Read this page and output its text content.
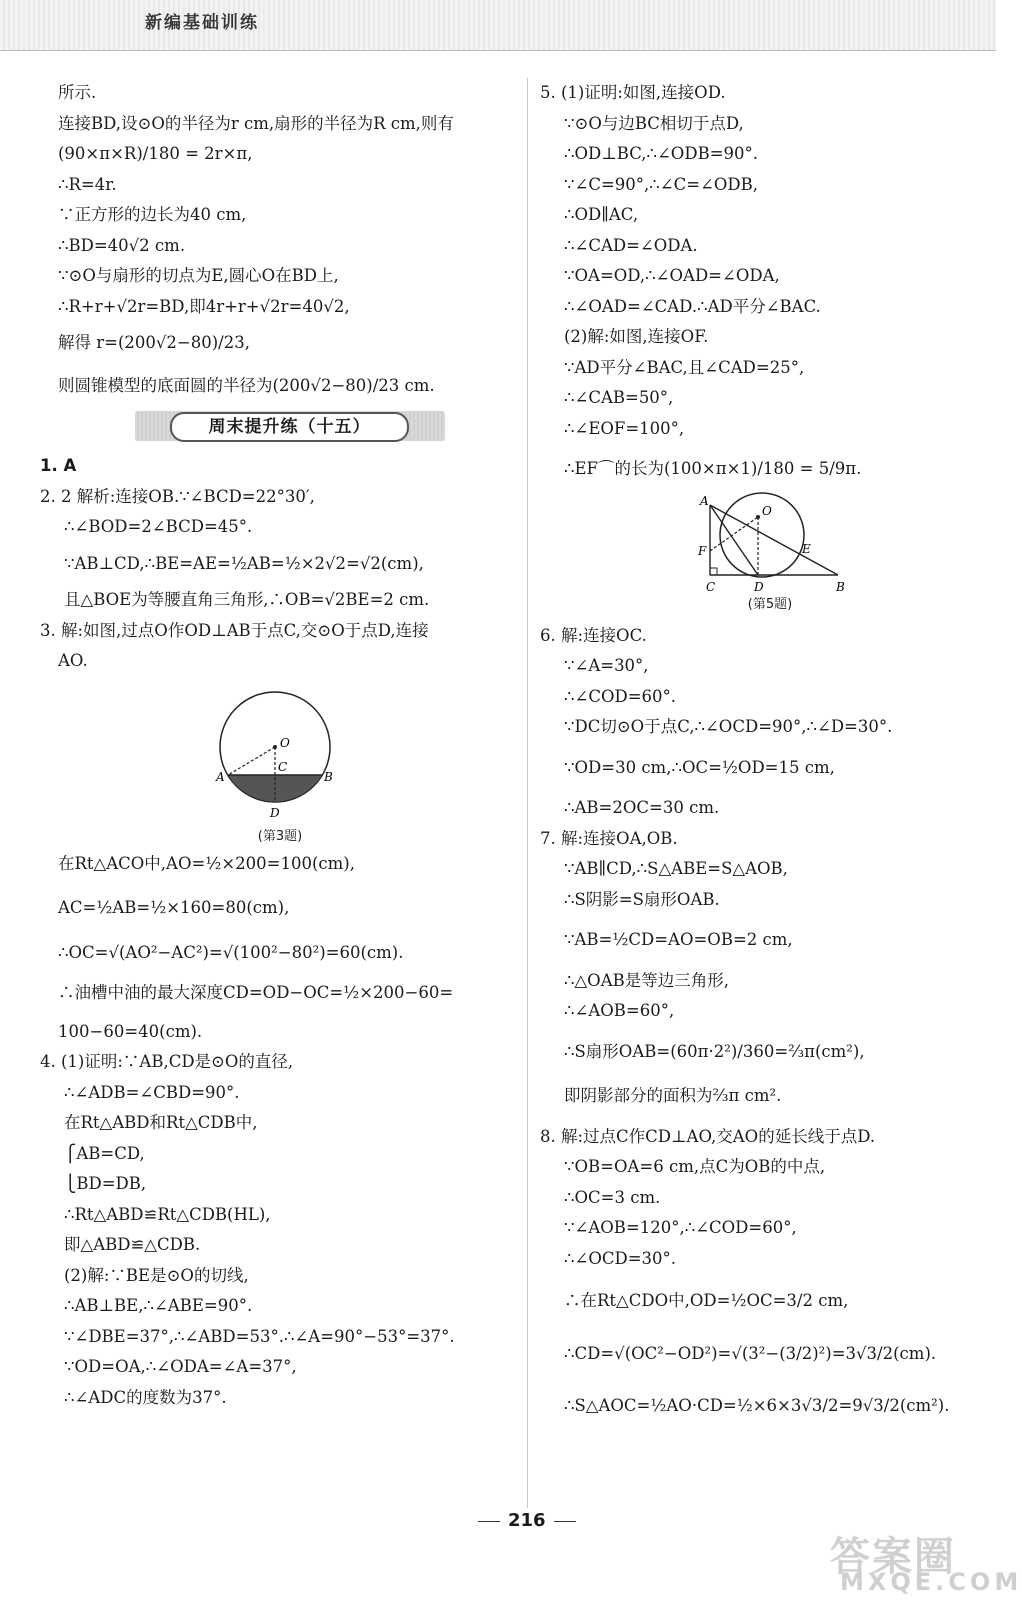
新编基础训练
所示.
连接BD,设⊙O的半径为r cm,扇形的半径为R cm,则有
(90×π×R)/180 = 2r×π,
∴R=4r.
∵正方形的边长为40 cm,
∴BD=40√2 cm.
∵⊙O与扇形的切点为E,圆心O在BD上,
∴R+r+√2r=BD,即4r+r+√2r=40√2,
解得 r=(200√2−80)/23,
则圆锥模型的底面圆的半径为(200√2−80)/23 cm.
周末提升练（十五）
1. A
2. 2 解析:连接OB.∵∠BCD=22°30′,
∴∠BOD=2∠BCD=45°.
∵AB⊥CD,∴BE=AE=½AB=½×2√2=√2(cm),
且△BOE为等腰直角三角形,∴OB=√2BE=2 cm.
3. 解:如图,过点O作OD⊥AB于点C,交⊙O于点D,连接
AO.
O
A
C
B
D
(第3题)
在Rt△ACO中,AO=½×200=100(cm),
AC=½AB=½×160=80(cm),
∴OC=√(AO²−AC²)=√(100²−80²)=60(cm).
∴油槽中油的最大深度CD=OD−OC=½×200−60=
100−60=40(cm).
4. (1)证明:∵AB,CD是⊙O的直径,
∴∠ADB=∠CBD=90°.
在Rt△ABD和Rt△CDB中,
⎧AB=CD,
⎩BD=DB,
∴Rt△ABD≌Rt△CDB(HL),
即△ABD≌△CDB.
(2)解:∵BE是⊙O的切线,
∴AB⊥BE,∴∠ABE=90°.
∵∠DBE=37°,∴∠ABD=53°.∴∠A=90°−53°=37°.
∵OD=OA,∴∠ODA=∠A=37°,
∴∠ADC的度数为37°.
5. (1)证明:如图,连接OD.
∵⊙O与边BC相切于点D,
∴OD⊥BC,∴∠ODB=90°.
∵∠C=90°,∴∠C=∠ODB,
∴OD∥AC,
∴∠CAD=∠ODA.
∵OA=OD,∴∠OAD=∠ODA,
∴∠OAD=∠CAD.∴AD平分∠BAC.
(2)解:如图,连接OF.
∵AD平分∠BAC,且∠CAD=25°,
∴∠CAB=50°,
∴∠EOF=100°,
∴EF⌒的长为(100×π×1)/180 = 5/9π.
A
O
F	E
C	D	B
(第5题)
6. 解:连接OC.
∵∠A=30°,
∴∠COD=60°.
∵DC切⊙O于点C,∴∠OCD=90°,∴∠D=30°.
∵OD=30 cm,∴OC=½OD=15 cm,
∴AB=2OC=30 cm.
7. 解:连接OA,OB.
∵AB∥CD,∴S△ABE=S△AOB,
∴S阴影=S扇形OAB.
∵AB=½CD=AO=OB=2 cm,
∴△OAB是等边三角形,
∴∠AOB=60°,
∴S扇形OAB=(60π·2²)/360=⅔π(cm²),
即阴影部分的面积为⅔π cm².
8. 解:过点C作CD⊥AO,交AO的延长线于点D.
∵OB=OA=6 cm,点C为OB的中点,
∴OC=3 cm.
∵∠AOB=120°,∴∠COD=60°,
∴∠OCD=30°.
∴在Rt△CDO中,OD=½OC=3/2 cm,
∴CD=√(OC²−OD²)=√(3²−(3/2)²)=3√3/2(cm).
∴S△AOC=½AO·CD=½×6×3√3/2=9√3/2(cm²).
216
答案圈
MXQE.COM
